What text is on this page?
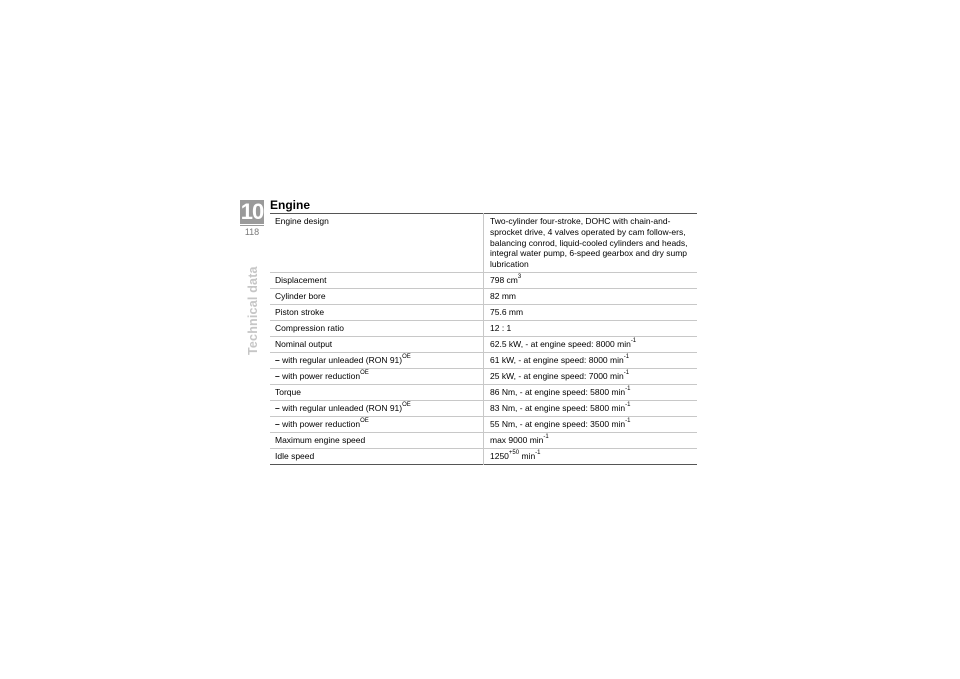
10
118
Technical data
Engine
Engine design	Two-cylinder four-stroke, DOHC with chain-and-sprocket drive, 4 valves operated by cam follow-ers, balancing conrod, liquid-cooled cylinders and heads, integral water pump, 6-speed gearbox and dry sump lubrication
Displacement	798 $cm^3$
Cylinder bore	82 mm
Piston stroke	75.6 mm
Compression ratio	12 : 1
Nominal output	62.5 kW, - at engine speed: 8000 $\min^{-1}$
– with regular unleaded (RON 91)$^{OE}$	61 kW, - at engine speed: 8000 $\min^{-1}$
– with power reduction$^{OE}$	25 kW, - at engine speed: 7000 $\min^{-1}$
Torque	86 Nm, - at engine speed: 5800 $\min^{-1}$
– with regular unleaded (RON 91)$^{OE}$	83 Nm, - at engine speed: 5800 $\min^{-1}$
– with power reduction$^{OE}$	55 Nm, - at engine speed: 3500 $\min^{-1}$
Maximum engine speed	max 9000 $\min^{-1}$
Idle speed	$1250^{+50}$ $\min^{-1}$
